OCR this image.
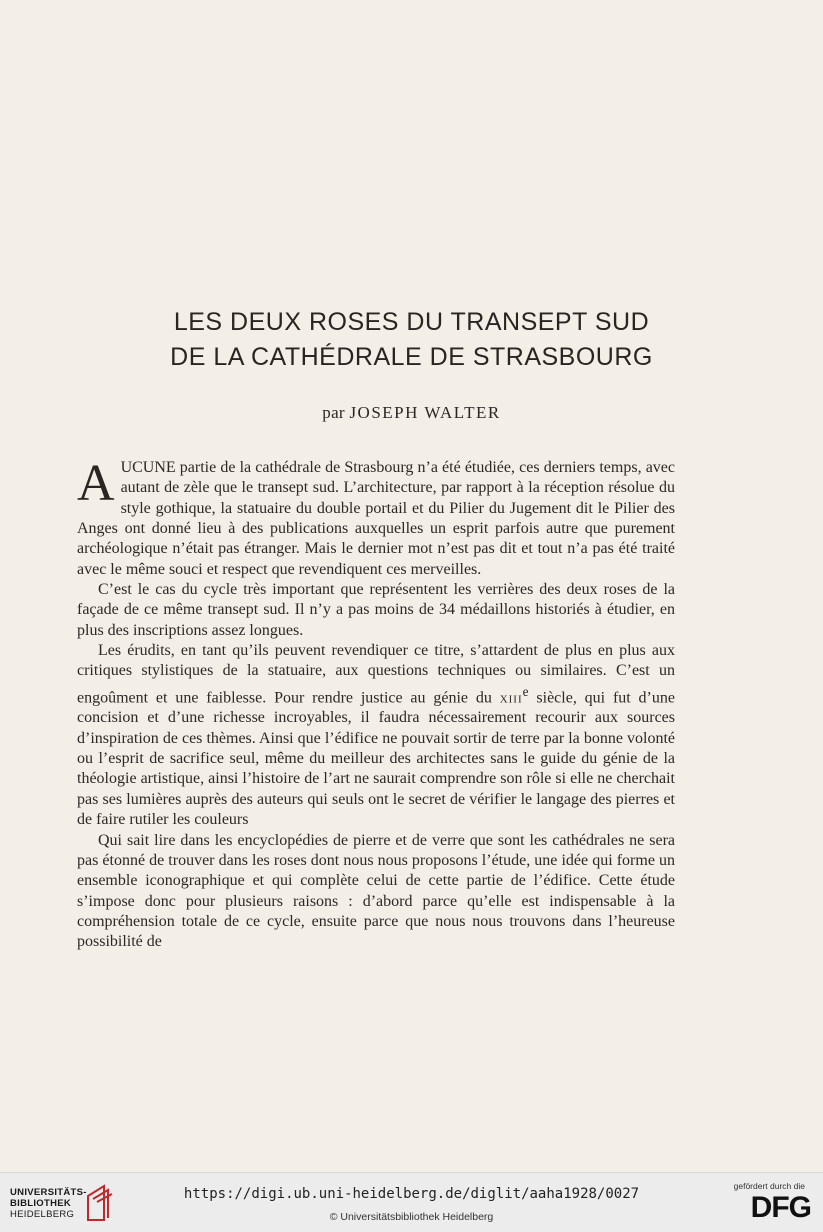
LES DEUX ROSES DU TRANSEPT SUD
DE LA CATHÉDRALE DE STRASBOURG
par JOSEPH WALTER

AUCUNE partie de la cathédrale de Strasbourg n’a été étudiée, ces derniers temps, avec autant de zèle que le transept sud. L’architecture, par rapport à la réception résolue du style gothique, la statuaire du double portail et du Pilier du Jugement dit le Pilier des Anges ont donné lieu à des publications auxquelles un esprit parfois autre que purement archéologique n’était pas étranger. Mais le dernier mot n’est pas dit et tout n’a pas été traité avec le même souci et respect que revendiquent ces merveilles.

C’est le cas du cycle très important que représentent les verrières des deux roses de la façade de ce même transept sud. Il n’y a pas moins de 34 médaillons historiés à étudier, en plus des inscriptions assez longues.

Les érudits, en tant qu’ils peuvent revendiquer ce titre, s’attardent de plus en plus aux critiques stylistiques de la statuaire, aux questions techniques ou similaires. C’est un engoûment et une faiblesse. Pour rendre justice au génie du xiii$^e$ siècle, qui fut d’une concision et d’une richesse incroyables, il faudra nécessairement recourir aux sources d’inspiration de ces thèmes. Ainsi que l’édifice ne pouvait sortir de terre par la bonne volonté ou l’esprit de sacrifice seul, même du meilleur des architectes sans le guide du génie de la théologie artistique, ainsi l’histoire de l’art ne saurait comprendre son rôle si elle ne cherchait pas ses lumières auprès des auteurs qui seuls ont le secret de vérifier le langage des pierres et de faire rutiler les couleurs

Qui sait lire dans les encyclopédies de pierre et de verre que sont les cathédrales ne sera pas étonné de trouver dans les roses dont nous nous proposons l’étude, une idée qui forme un ensemble iconographique et qui complète celui de cette partie de l’édifice. Cette étude s’impose donc pour plusieurs raisons : d’abord parce qu’elle est indispensable à la compréhension totale de ce cycle, ensuite parce que nous nous trouvons dans l’heureuse possibilité de

UNIVERSITÄTS-
BIBLIOTHEK
HEIDELBERG
https://digi.ub.uni-heidelberg.de/diglit/aaha1928/0027
© Universitätsbibliothek Heidelberg
gefördert durch die
DFG
